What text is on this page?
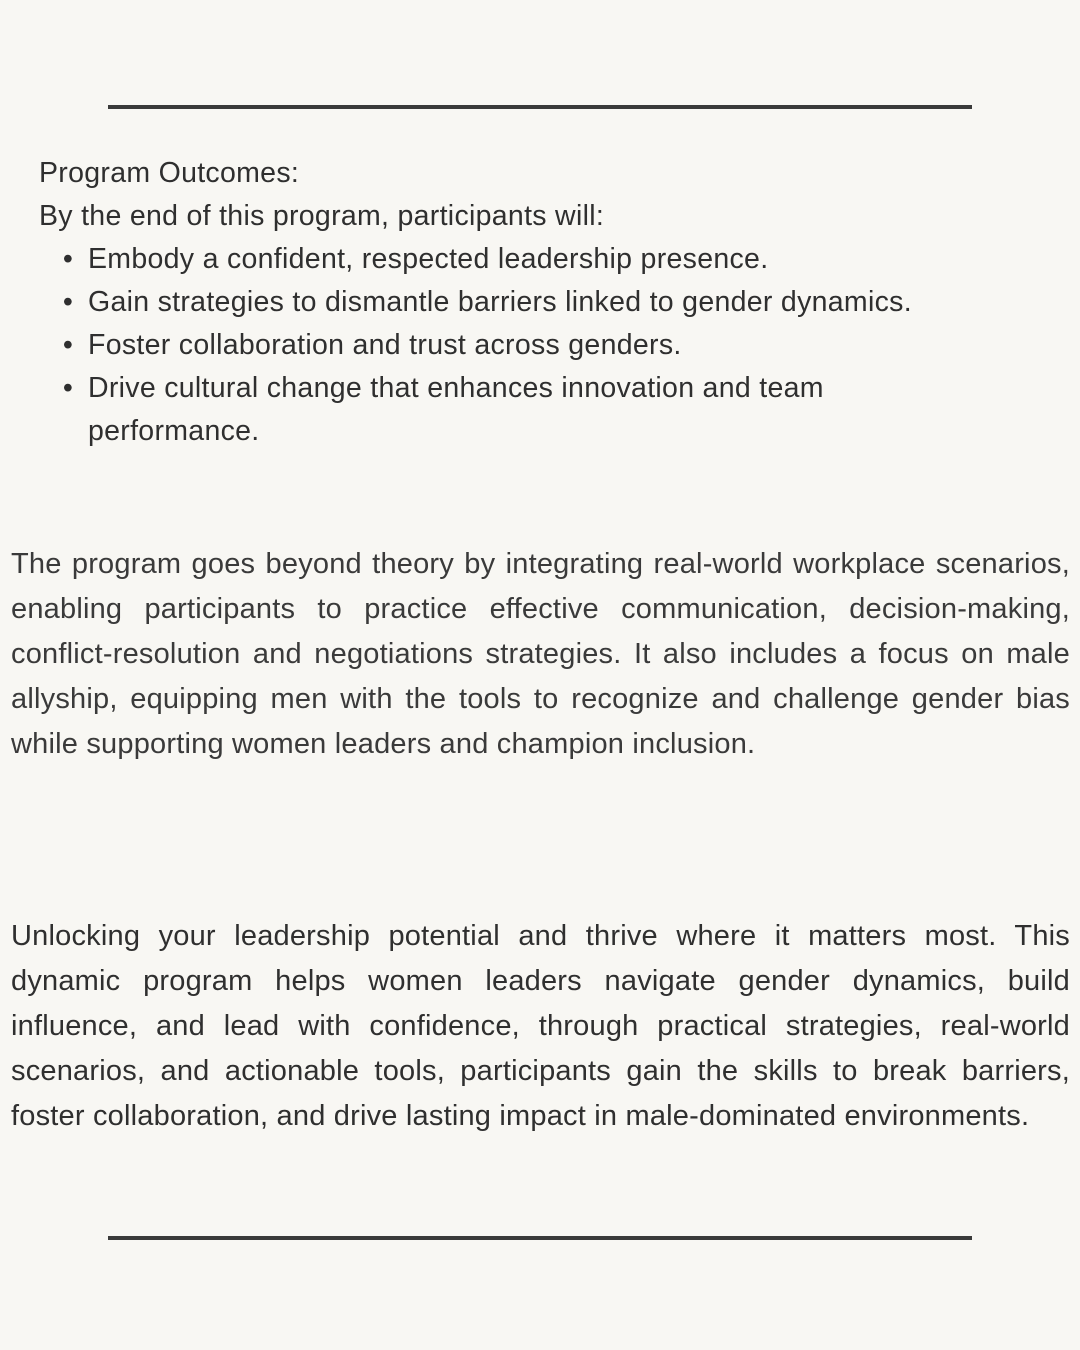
Program Outcomes:

By the end of this program, participants will:

• Embody a confident, respected leadership presence.
• Gain strategies to dismantle barriers linked to gender dynamics.
• Foster collaboration and trust across genders.
• Drive cultural change that enhances innovation and team performance.

The program goes beyond theory by integrating real-world workplace scenarios, enabling participants to practice effective communication, decision-making, conflict-resolution and negotiations strategies. It also includes a focus on male allyship, equipping men with the tools to recognize and challenge gender bias while supporting women leaders and champion inclusion.

Unlocking your leadership potential and thrive where it matters most. This dynamic program helps women leaders navigate gender dynamics, build influence, and lead with confidence, through practical strategies, real-world scenarios, and actionable tools, participants gain the skills to break barriers, foster collaboration, and drive lasting impact in male-dominated environments.
